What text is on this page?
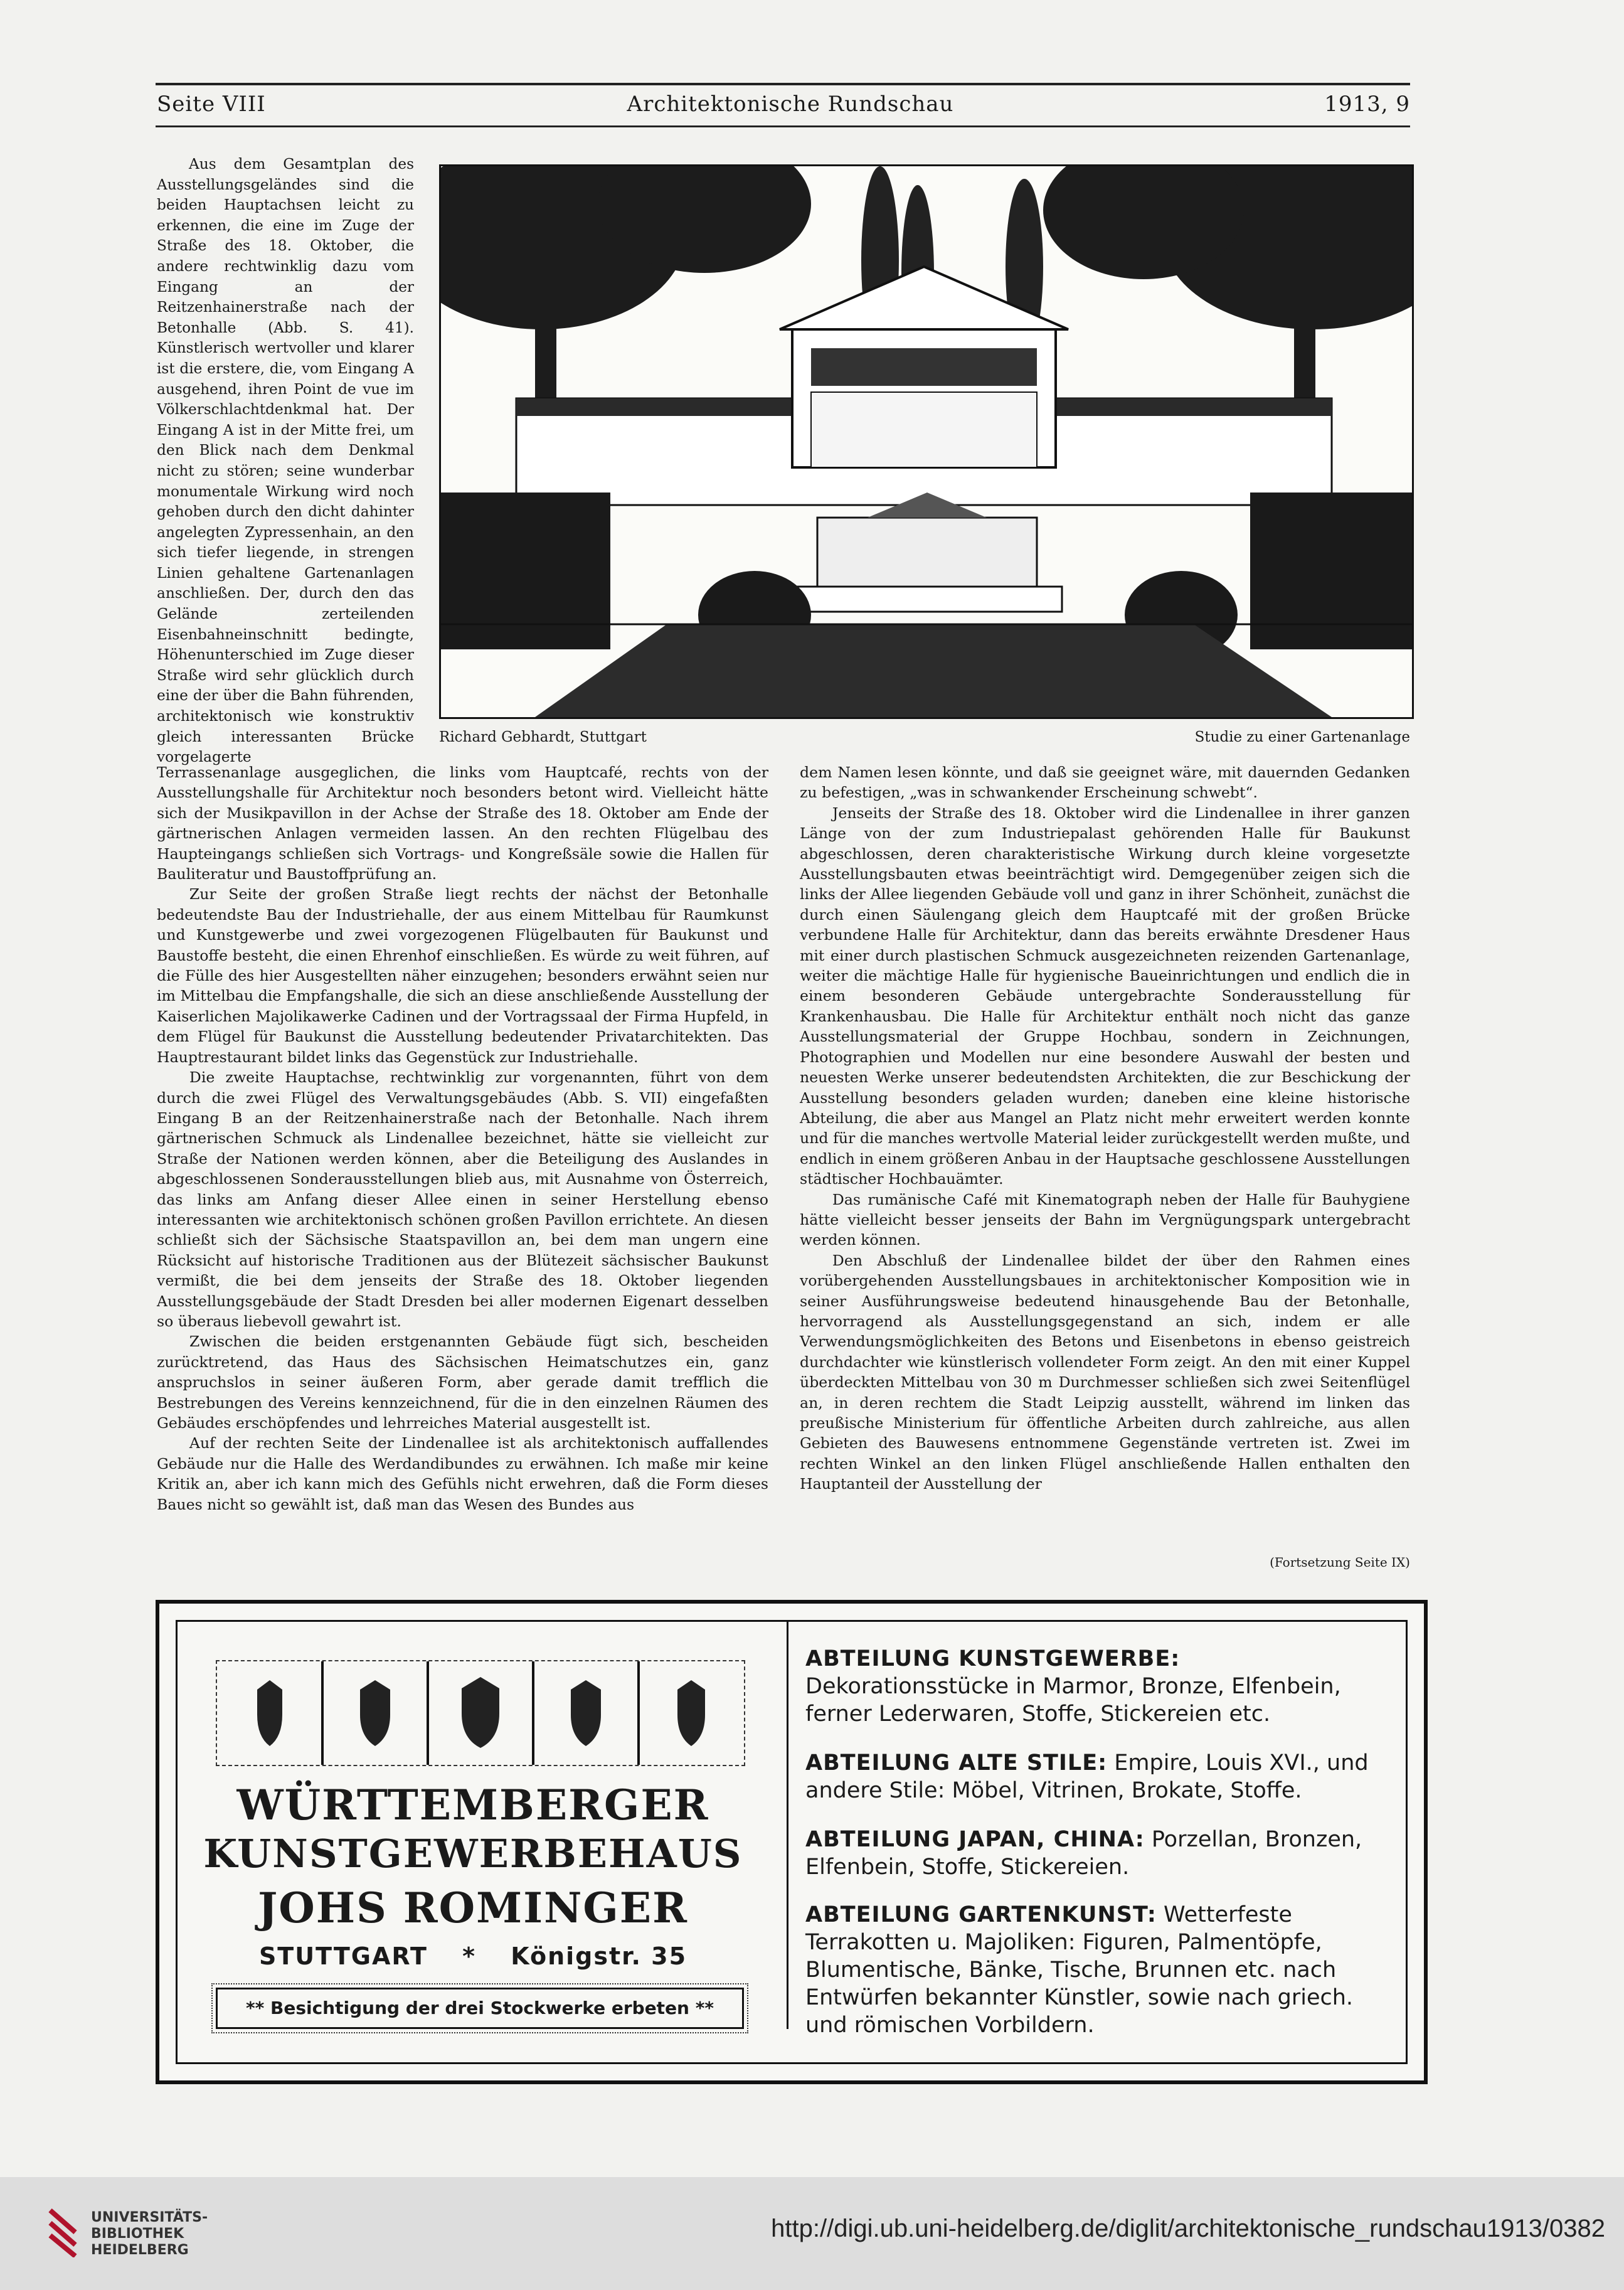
Seite VIII	Architektonische Rundschau	1913, 9

Aus dem Gesamtplan des Ausstellungsgeländes sind die beiden Hauptachsen leicht zu erkennen, die eine im Zuge der Straße des 18. Oktober, die andere rechtwinklig dazu vom Eingang an der Reitzenhainerstraße nach der Betonhalle (Abb. S. 41). Künstlerisch wertvoller und klarer ist die erstere, die, vom Eingang A ausgehend, ihren Point de vue im Völkerschlachtdenkmal hat. Der Eingang A ist in der Mitte frei, um den Blick nach dem Denkmal nicht zu stören; seine wunderbar monumentale Wirkung wird noch gehoben durch den dicht dahinter angelegten Zypressenhain, an den sich tiefer liegende, in strengen Linien gehaltene Gartenanlagen anschließen. Der, durch den das Gelände zerteilenden Eisenbahneinschnitt bedingte, Höhenunterschied im Zuge dieser Straße wird sehr glücklich durch eine der über die Bahn führenden, architektonisch wie konstruktiv gleich interessanten Brücke vorgelagerte

Richard Gebhardt, Stuttgart	Studie zu einer Gartenanlage

Terrassenanlage ausgeglichen, die links vom Hauptcafé, rechts von der Ausstellungshalle für Architektur noch besonders betont wird. Vielleicht hätte sich der Musikpavillon in der Achse der Straße des 18. Oktober am Ende der gärtnerischen Anlagen vermeiden lassen. An den rechten Flügelbau des Haupteingangs schließen sich Vortrags- und Kongreßsäle sowie die Hallen für Bauliteratur und Baustoffprüfung an.

Zur Seite der großen Straße liegt rechts der nächst der Betonhalle bedeutendste Bau der Industriehalle, der aus einem Mittelbau für Raumkunst und Kunstgewerbe und zwei vorgezogenen Flügelbauten für Baukunst und Baustoffe besteht, die einen Ehrenhof einschließen. Es würde zu weit führen, auf die Fülle des hier Ausgestellten näher einzugehen; besonders erwähnt seien nur im Mittelbau die Empfangshalle, die sich an diese anschließende Ausstellung der Kaiserlichen Majolikawerke Cadinen und der Vortragssaal der Firma Hupfeld, in dem Flügel für Baukunst die Ausstellung bedeutender Privatarchitekten. Das Hauptrestaurant bildet links das Gegenstück zur Industriehalle.

Die zweite Hauptachse, rechtwinklig zur vorgenannten, führt von dem durch die zwei Flügel des Verwaltungsgebäudes (Abb. S. VII) eingefaßten Eingang B an der Reitzenhainerstraße nach der Betonhalle. Nach ihrem gärtnerischen Schmuck als Lindenallee bezeichnet, hätte sie vielleicht zur Straße der Nationen werden können, aber die Beteiligung des Auslandes in abgeschlossenen Sonderausstellungen blieb aus, mit Ausnahme von Österreich, das links am Anfang dieser Allee einen in seiner Herstellung ebenso interessanten wie architektonisch schönen großen Pavillon errichtete. An diesen schließt sich der Sächsische Staatspavillon an, bei dem man ungern eine Rücksicht auf historische Traditionen aus der Blütezeit sächsischer Baukunst vermißt, die bei dem jenseits der Straße des 18. Oktober liegenden Ausstellungsgebäude der Stadt Dresden bei aller modernen Eigenart desselben so überaus liebevoll gewahrt ist.

Zwischen die beiden erstgenannten Gebäude fügt sich, bescheiden zurücktretend, das Haus des Sächsischen Heimatschutzes ein, ganz anspruchslos in seiner äußeren Form, aber gerade damit trefflich die Bestrebungen des Vereins kennzeichnend, für die in den einzelnen Räumen des Gebäudes erschöpfendes und lehrreiches Material ausgestellt ist.

Auf der rechten Seite der Lindenallee ist als architektonisch auffallendes Gebäude nur die Halle des Werdandibundes zu erwähnen. Ich maße mir keine Kritik an, aber ich kann mich des Gefühls nicht erwehren, daß die Form dieses Baues nicht so gewählt ist, daß man das Wesen des Bundes aus

dem Namen lesen könnte, und daß sie geeignet wäre, mit dauernden Gedanken zu befestigen, „was in schwankender Erscheinung schwebt“.

Jenseits der Straße des 18. Oktober wird die Lindenallee in ihrer ganzen Länge von der zum Industriepalast gehörenden Halle für Baukunst abgeschlossen, deren charakteristische Wirkung durch kleine vorgesetzte Ausstellungsbauten etwas beeinträchtigt wird. Demgegenüber zeigen sich die links der Allee liegenden Gebäude voll und ganz in ihrer Schönheit, zunächst die durch einen Säulengang gleich dem Hauptcafé mit der großen Brücke verbundene Halle für Architektur, dann das bereits erwähnte Dresdener Haus mit einer durch plastischen Schmuck ausgezeichneten reizenden Gartenanlage, weiter die mächtige Halle für hygienische Baueinrichtungen und endlich die in einem besonderen Gebäude untergebrachte Sonderausstellung für Krankenhausbau. Die Halle für Architektur enthält noch nicht das ganze Ausstellungsmaterial der Gruppe Hochbau, sondern in Zeichnungen, Photographien und Modellen nur eine besondere Auswahl der besten und neuesten Werke unserer bedeutendsten Architekten, die zur Beschickung der Ausstellung besonders geladen wurden; daneben eine kleine historische Abteilung, die aber aus Mangel an Platz nicht mehr erweitert werden konnte und für die manches wertvolle Material leider zurückgestellt werden mußte, und endlich in einem größeren Anbau in der Hauptsache geschlossene Ausstellungen städtischer Hochbauämter.

Das rumänische Café mit Kinematograph neben der Halle für Bauhygiene hätte vielleicht besser jenseits der Bahn im Vergnügungspark untergebracht werden können.

Den Abschluß der Lindenallee bildet der über den Rahmen eines vorübergehenden Ausstellungsbaues in architektonischer Komposition wie in seiner Ausführungsweise bedeutend hinausgehende Bau der Betonhalle, hervorragend als Ausstellungsgegenstand an sich, indem er alle Verwendungsmöglichkeiten des Betons und Eisenbetons in ebenso geistreich durchdachter wie künstlerisch vollendeter Form zeigt. An den mit einer Kuppel überdeckten Mittelbau von 30 m Durchmesser schließen sich zwei Seitenflügel an, in deren rechtem die Stadt Leipzig ausstellt, während im linken das preußische Ministerium für öffentliche Arbeiten durch zahlreiche, aus allen Gebieten des Bauwesens entnommene Gegenstände vertreten ist. Zwei im rechten Winkel an den linken Flügel anschließende Hallen enthalten den Hauptanteil der Ausstellung der

(Fortsetzung Seite IX)
WÜRTTEMBERGER
KUNSTGEWERBEHAUS
JOHS ROMINGER
STUTTGART * Königstr. 35
** Besichtigung der drei Stockwerke erbeten **
ABTEILUNG KUNSTGEWERBE: Dekorationsstücke in Marmor, Bronze, Elfenbein, ferner Lederwaren, Stoffe, Stickereien etc.
ABTEILUNG ALTE STILE: Empire, Louis XVI., und andere Stile: Möbel, Vitrinen, Brokate, Stoffe.
ABTEILUNG JAPAN, CHINA: Porzellan, Bronzen, Elfenbein, Stoffe, Stickereien.
ABTEILUNG GARTENKUNST: Wetterfeste Terrakotten u. Majoliken: Figuren, Palmentöpfe, Blumentische, Bänke, Tische, Brunnen etc. nach Entwürfen bekannter Künstler, sowie nach griech. und römischen Vorbildern.
UNIVERSITÄTS-
BIBLIOTHEK
HEIDELBERG
http://digi.ub.uni-heidelberg.de/diglit/architektonische_rundschau1913/0382
